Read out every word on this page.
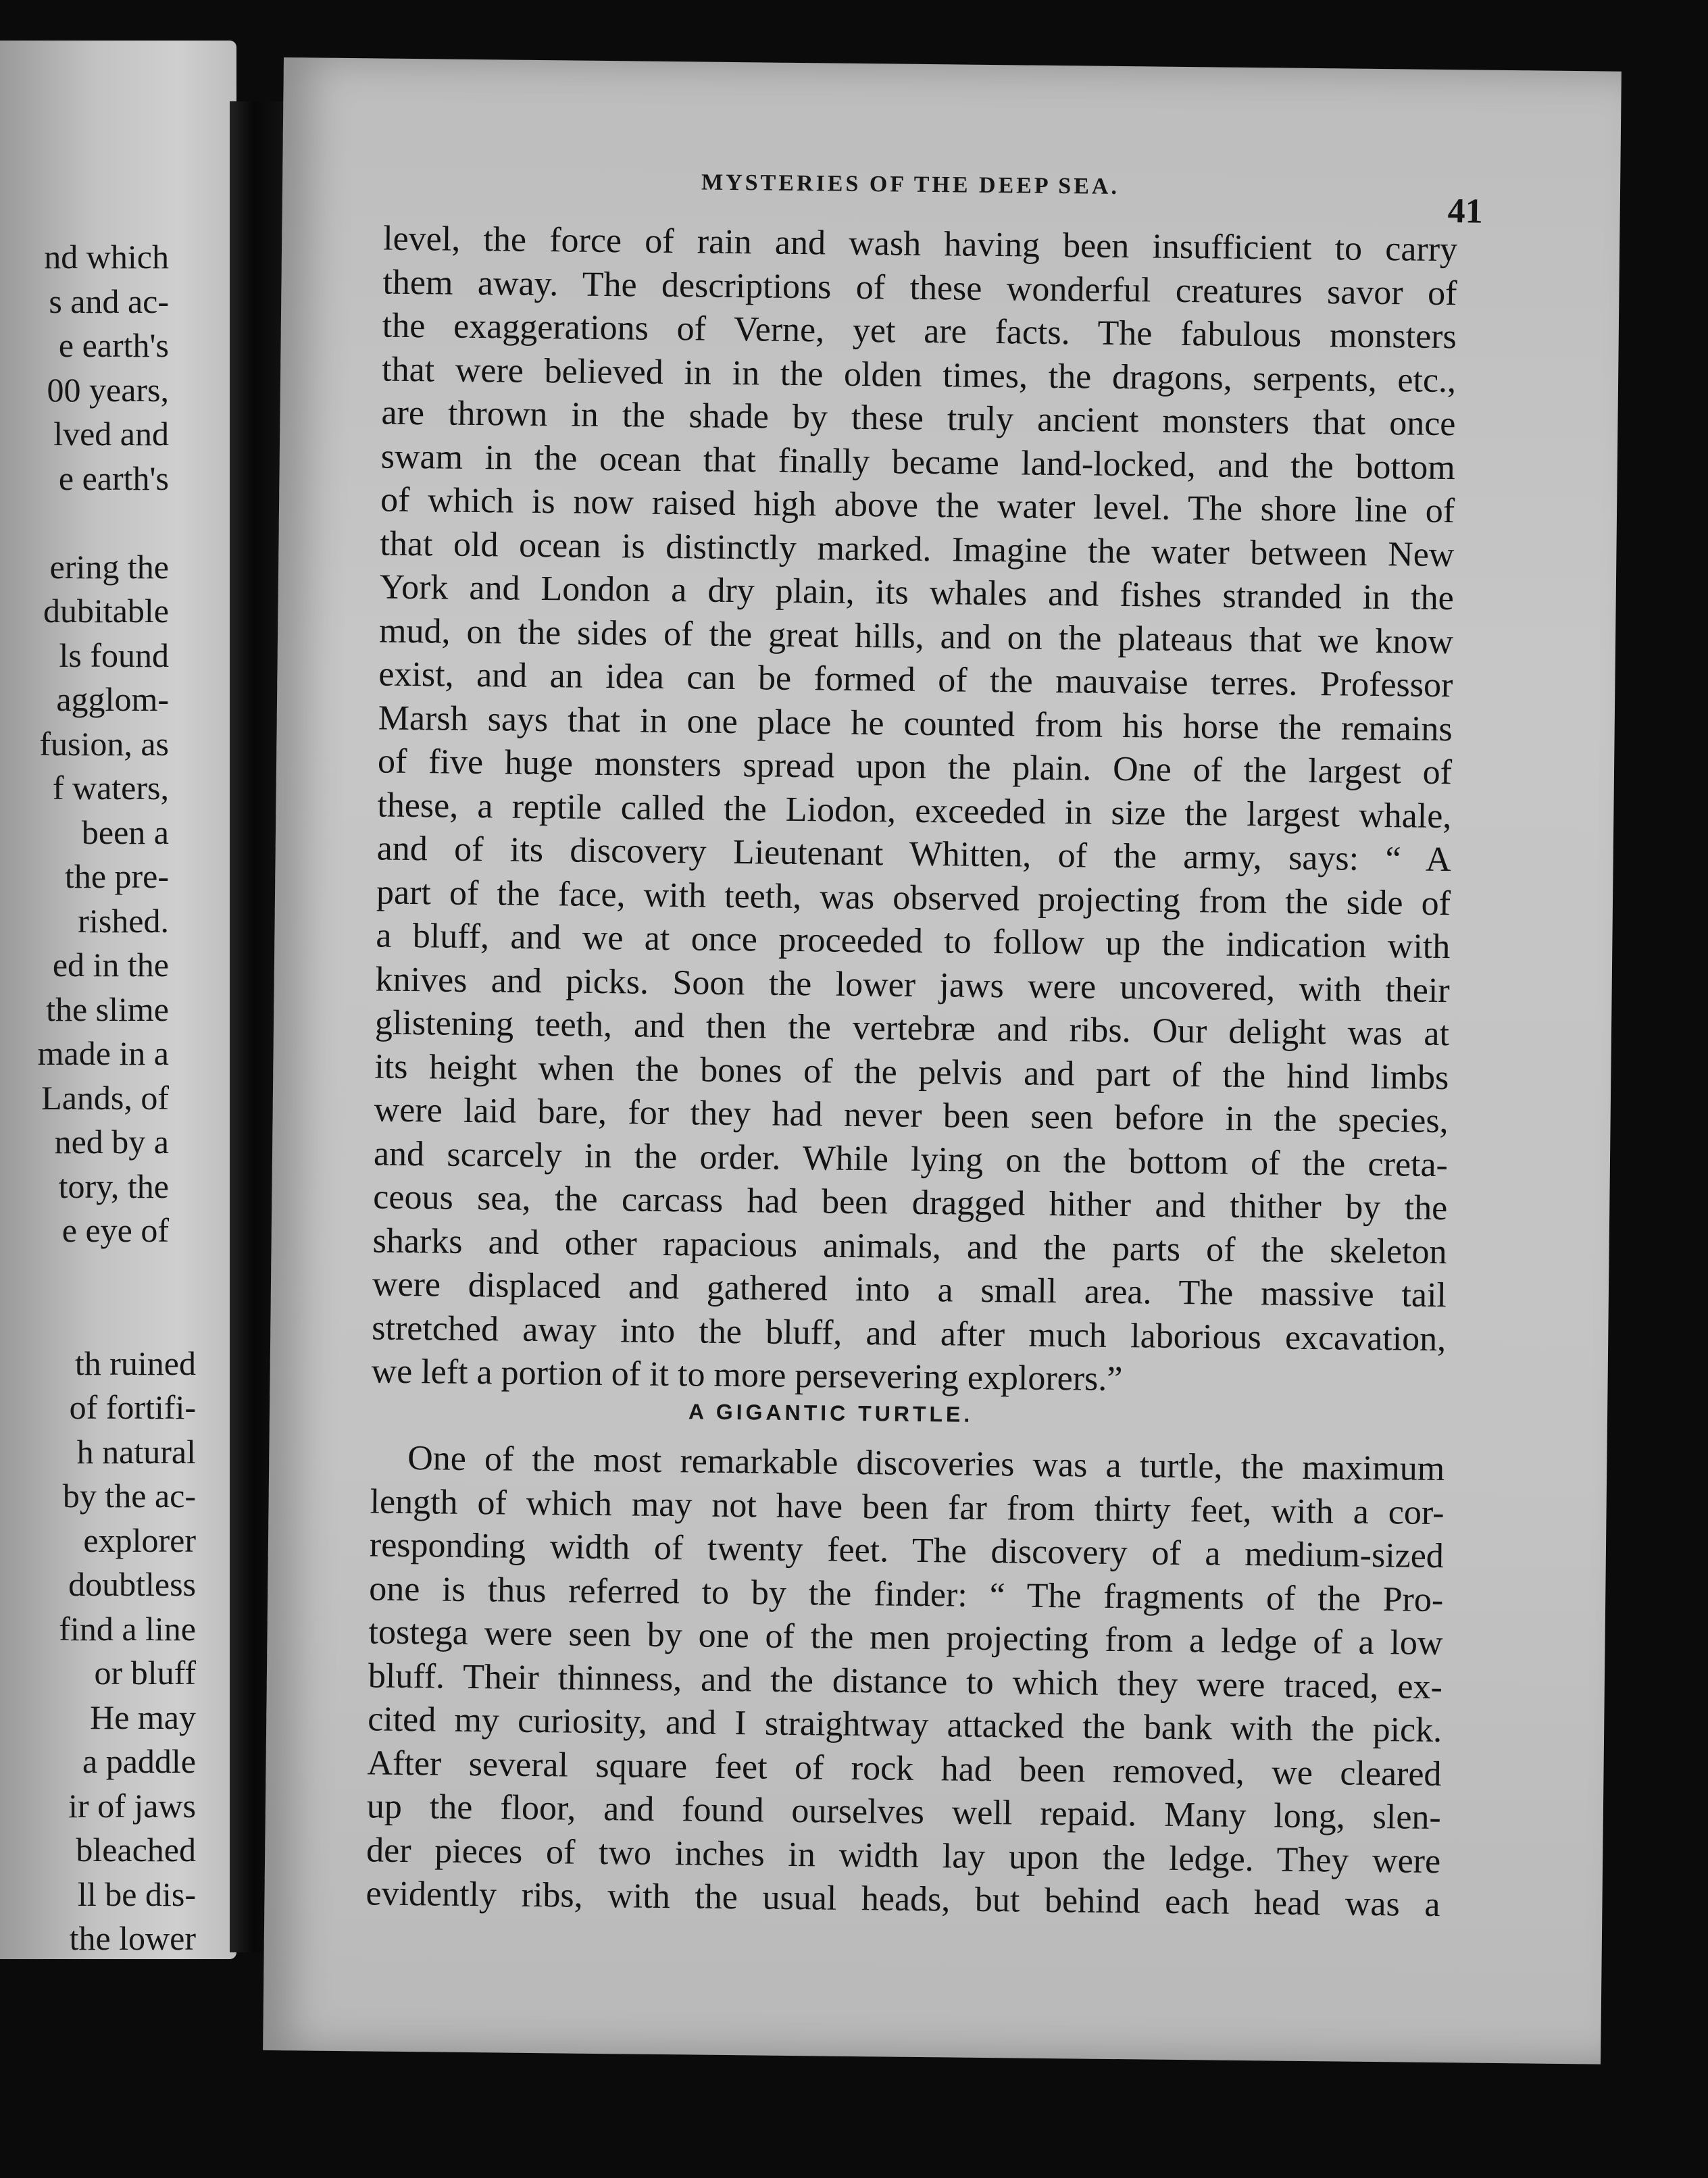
nd which
s and ac-
e earth's
00 years,
lved and
e earth's
ering the
dubitable
ls found
agglom-
fusion, as
f waters,
been a
the pre-
rished.
ed in the
the slime
made in a
Lands, of
ned by a
tory, the
e eye of
th ruined
of fortifi-
h natural
by the ac-
explorer
doubtless
find a line
or bluff
He may
a paddle
ir of jaws
bleached
ll be dis-
the lower
MYSTERIES OF THE DEEP SEA.
41
A GIGANTIC TURTLE.
level, the force of rain and wash having been insufficient to carry
them away. The descriptions of these wonderful creatures savor of
the exaggerations of Verne, yet are facts. The fabulous monsters
that were believed in in the olden times, the dragons, serpents, etc.,
are thrown in the shade by these truly ancient monsters that once
swam in the ocean that finally became land-locked, and the bottom
of which is now raised high above the water level. The shore line of
that old ocean is distinctly marked. Imagine the water between New
York and London a dry plain, its whales and fishes stranded in the
mud, on the sides of the great hills, and on the plateaus that we know
exist, and an idea can be formed of the mauvaise terres. Professor
Marsh says that in one place he counted from his horse the remains
of five huge monsters spread upon the plain. One of the largest of
these, a reptile called the Liodon, exceeded in size the largest whale,
and of its discovery Lieutenant Whitten, of the army, says: “ A
part of the face, with teeth, was observed projecting from the side of
a bluff, and we at once proceeded to follow up the indication with
knives and picks. Soon the lower jaws were uncovered, with their
glistening teeth, and then the vertebræ and ribs. Our delight was at
its height when the bones of the pelvis and part of the hind limbs
were laid bare, for they had never been seen before in the species,
and scarcely in the order. While lying on the bottom of the creta-
ceous sea, the carcass had been dragged hither and thither by the
sharks and other rapacious animals, and the parts of the skeleton
were displaced and gathered into a small area. The massive tail
stretched away into the bluff, and after much laborious excavation,
we left a portion of it to more persevering explorers.”
One of the most remarkable discoveries was a turtle, the maximum
length of which may not have been far from thirty feet, with a cor-
responding width of twenty feet. The discovery of a medium-sized
one is thus referred to by the finder: “ The fragments of the Pro-
tostega were seen by one of the men projecting from a ledge of a low
bluff. Their thinness, and the distance to which they were traced, ex-
cited my curiosity, and I straightway attacked the bank with the pick.
After several square feet of rock had been removed, we cleared
up the floor, and found ourselves well repaid. Many long, slen-
der pieces of two inches in width lay upon the ledge. They were
evidently ribs, with the usual heads, but behind each head was a
